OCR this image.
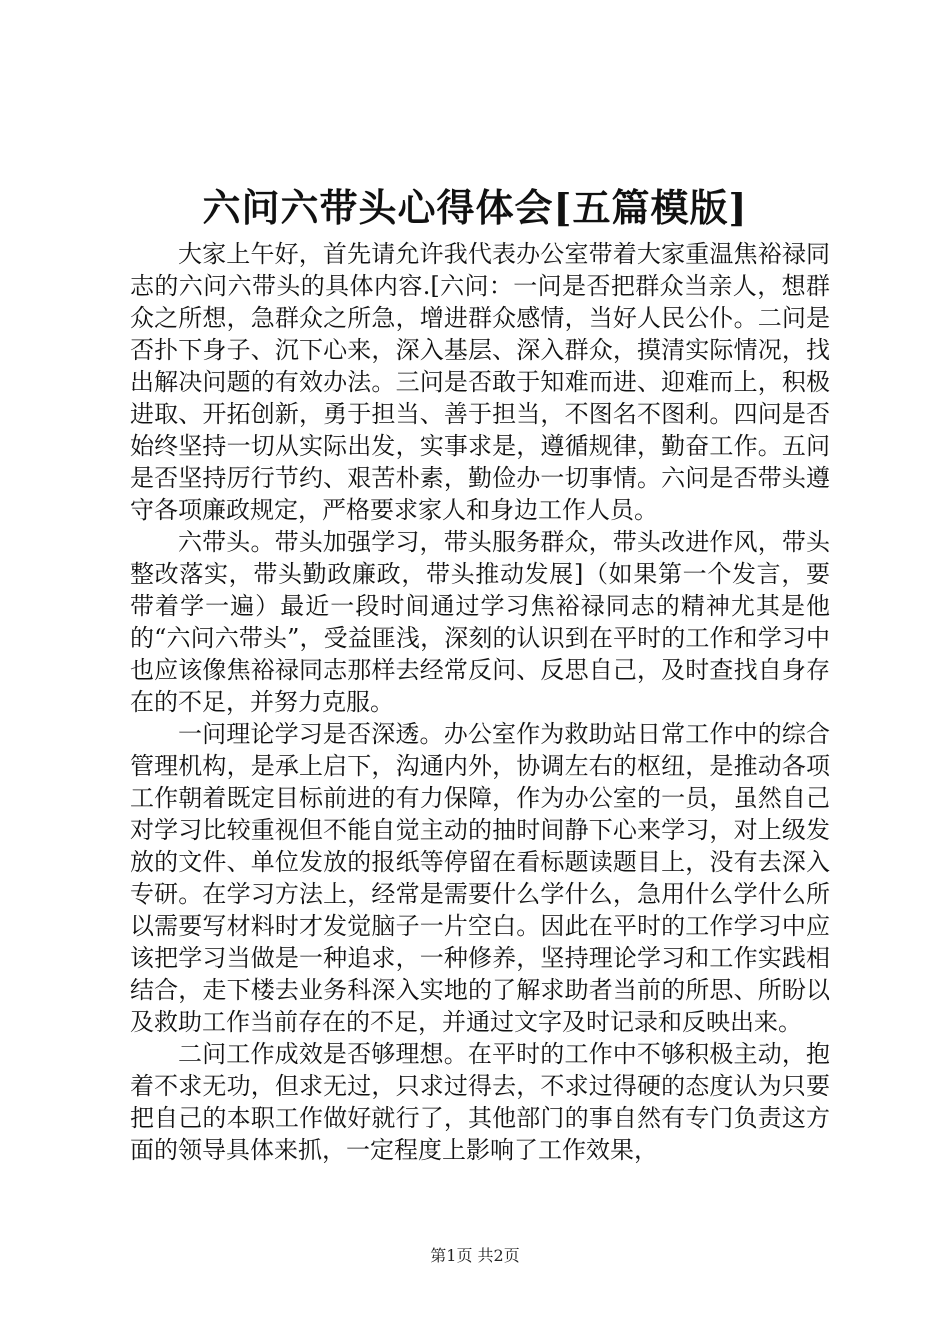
六问六带头心得体会[五篇模版]

大家上午好，首先请允许我代表办公室带着大家重温焦裕禄同志的六问六带头的具体内容.[六问：一问是否把群众当亲人，想群众之所想，急群众之所急，增进群众感情，当好人民公仆。二问是否扑下身子、沉下心来，深入基层、深入群众，摸清实际情况，找出解决问题的有效办法。三问是否敢于知难而进、迎难而上，积极进取、开拓创新，勇于担当、善于担当，不图名不图利。四问是否始终坚持一切从实际出发，实事求是，遵循规律，勤奋工作。五问是否坚持厉行节约、艰苦朴素，勤俭办一切事情。六问是否带头遵守各项廉政规定，严格要求家人和身边工作人员。

六带头。带头加强学习，带头服务群众，带头改进作风，带头整改落实，带头勤政廉政，带头推动发展]（如果第一个发言，要带着学一遍）最近一段时间通过学习焦裕禄同志的精神尤其是他的“六问六带头”，受益匪浅，深刻的认识到在平时的工作和学习中也应该像焦裕禄同志那样去经常反问、反思自己，及时查找自身存在的不足，并努力克服。

一问理论学习是否深透。办公室作为救助站日常工作中的综合管理机构，是承上启下，沟通内外，协调左右的枢纽，是推动各项工作朝着既定目标前进的有力保障，作为办公室的一员，虽然自己对学习比较重视但不能自觉主动的抽时间静下心来学习，对上级发放的文件、单位发放的报纸等停留在看标题读题目上，没有去深入专研。在学习方法上，经常是需要什么学什么，急用什么学什么所以需要写材料时才发觉脑子一片空白。因此在平时的工作学习中应该把学习当做是一种追求，一种修养，坚持理论学习和工作实践相结合，走下楼去业务科深入实地的了解求助者当前的所思、所盼以及救助工作当前存在的不足，并通过文字及时记录和反映出来。

二问工作成效是否够理想。在平时的工作中不够积极主动，抱着不求无功，但求无过，只求过得去，不求过得硬的态度认为只要把自己的本职工作做好就行了，其他部门的事自然有专门负责这方面的领导具体来抓，一定程度上影响了工作效果，

第1页 共2页
